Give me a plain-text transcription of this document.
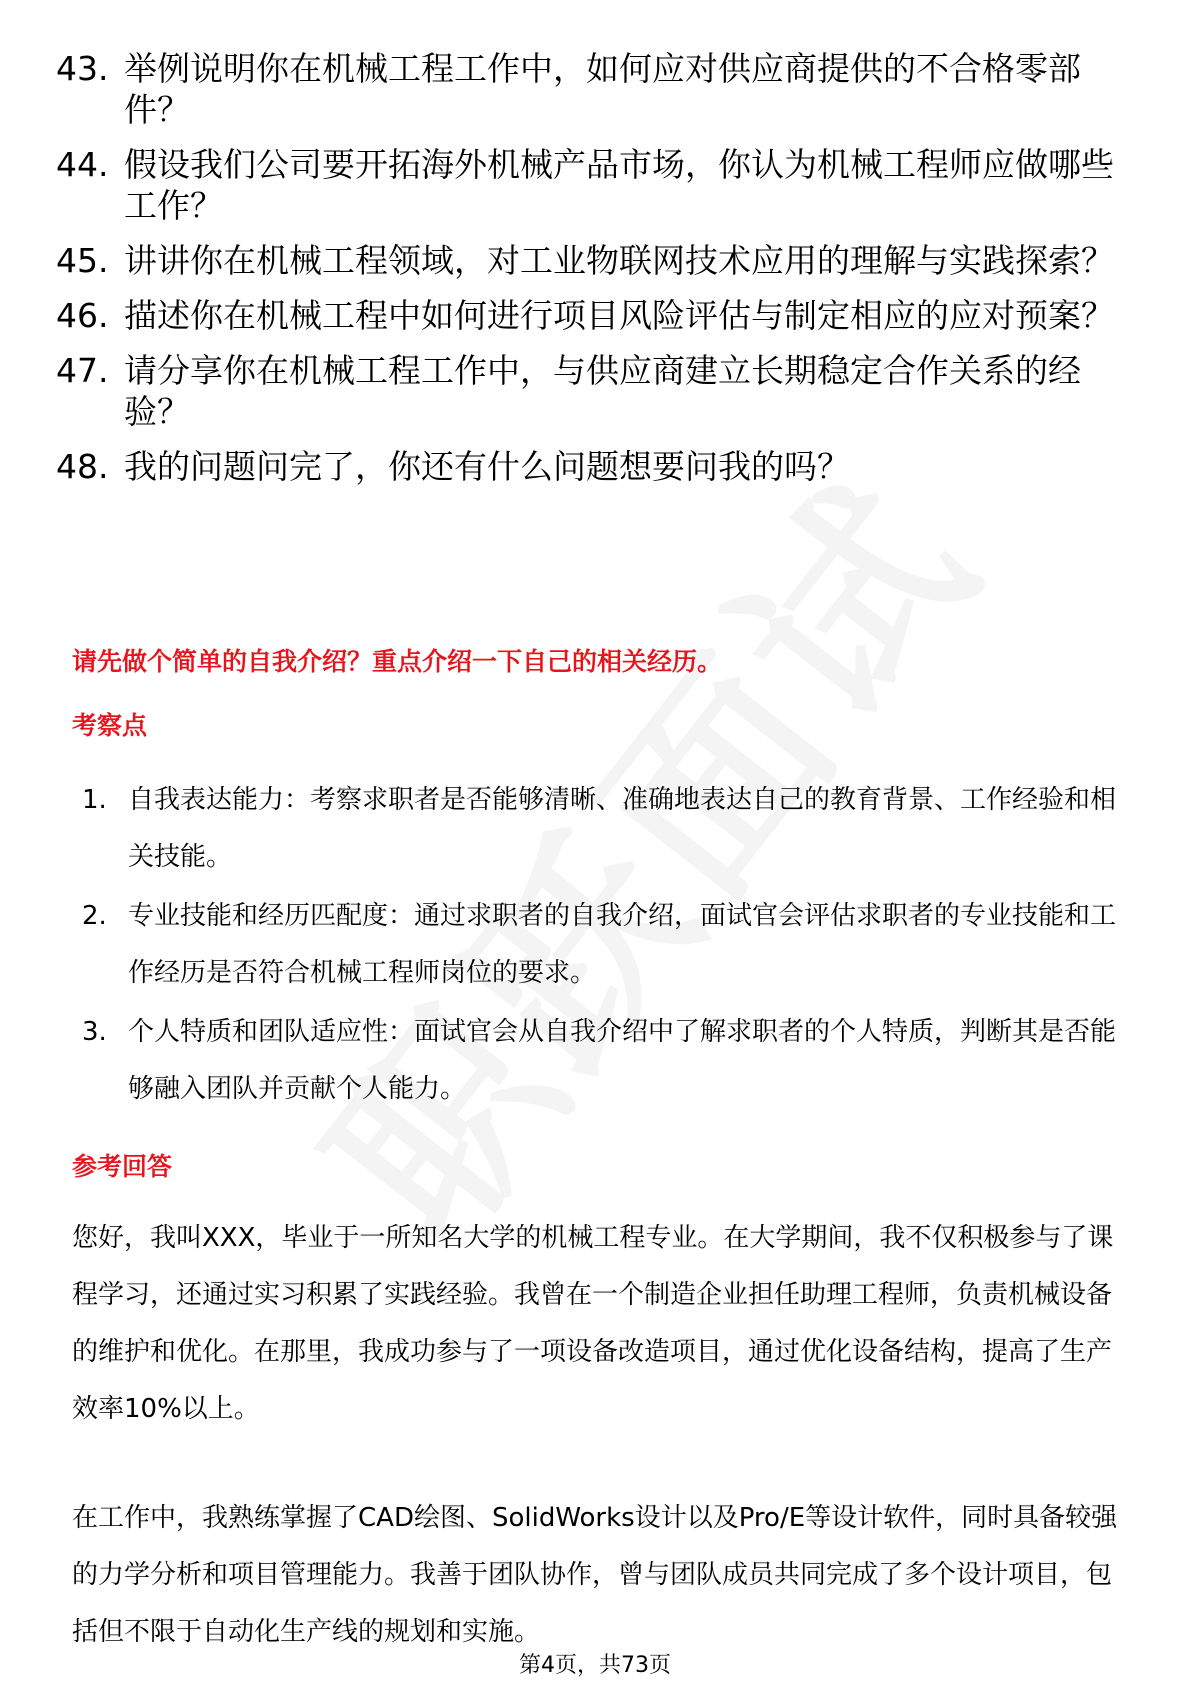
43. 举例说明你在机械工程工作中，如何应对供应商提供的不合格零部件？
44. 假设我们公司要开拓海外机械产品市场，你认为机械工程师应做哪些工作？
45. 讲讲你在机械工程领域，对工业物联网技术应用的理解与实践探索？
46. 描述你在机械工程中如何进行项目风险评估与制定相应的应对预案？
47. 请分享你在机械工程工作中，与供应商建立长期稳定合作关系的经验？
48. 我的问题问完了，你还有什么问题想要问我的吗？
请先做个简单的自我介绍？重点介绍一下自己的相关经历。
考察点
1. 自我表达能力：考察求职者是否能够清晰、准确地表达自己的教育背景、工作经验和相关技能。
2. 专业技能和经历匹配度：通过求职者的自我介绍，面试官会评估求职者的专业技能和工作经历是否符合机械工程师岗位的要求。
3. 个人特质和团队适应性：面试官会从自我介绍中了解求职者的个人特质，判断其是否能够融入团队并贡献个人能力。
参考回答
您好，我叫XXX，毕业于一所知名大学的机械工程专业。在大学期间，我不仅积极参与了课程学习，还通过实习积累了实践经验。我曾在一个制造企业担任助理工程师，负责机械设备的维护和优化。在那里，我成功参与了一项设备改造项目，通过优化设备结构，提高了生产效率10%以上。
在工作中，我熟练掌握了CAD绘图、SolidWorks设计以及Pro/E等设计软件，同时具备较强的力学分析和项目管理能力。我善于团队协作，曾与团队成员共同完成了多个设计项目，包括但不限于自动化生产线的规划和实施。
第4页，共73页
